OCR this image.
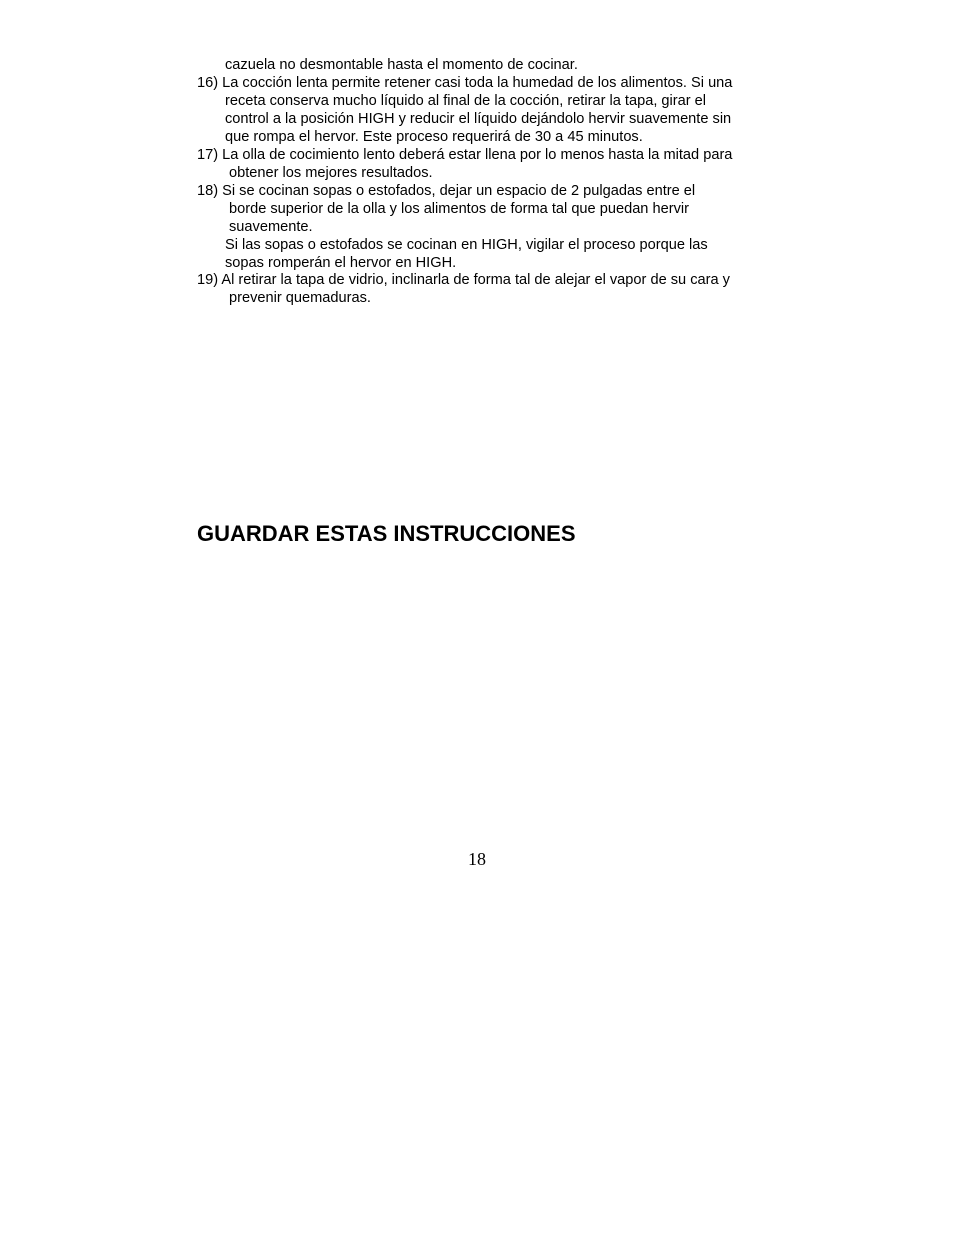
cazuela no desmontable hasta el momento de cocinar.
16) La cocción lenta permite retener casi toda la humedad de los alimentos. Si una
receta conserva mucho líquido al final de la cocción, retirar la tapa, girar el
control a la posición HIGH y reducir el líquido dejándolo hervir suavemente sin
que rompa el hervor. Este proceso requerirá de 30 a 45 minutos.
17) La olla de cocimiento lento deberá estar llena por lo menos hasta la mitad para
obtener los mejores resultados.
18) Si se cocinan sopas o estofados, dejar un espacio de 2 pulgadas entre el
borde superior de la olla y los alimentos de forma tal que puedan hervir
suavemente.
Si las sopas o estofados se cocinan en HIGH, vigilar el proceso porque las
sopas romperán el hervor en HIGH.
19) Al retirar la tapa de vidrio, inclinarla de forma tal de alejar el vapor de su cara y
prevenir quemaduras.
GUARDAR ESTAS INSTRUCCIONES
18
